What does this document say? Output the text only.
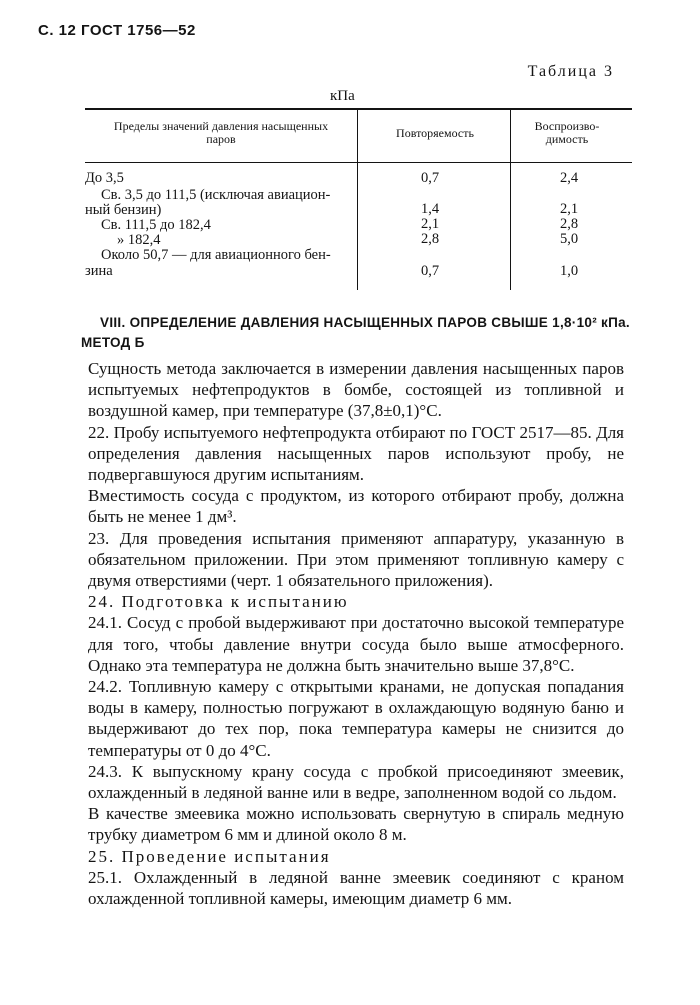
С. 12 ГОСТ 1756—52
Таблица 3
кПа
Пределы значений давления насыщенных паров	Повторяемость	Воспроизво-димость
До 3,5	0,7	2,4
Св. 3,5 до 111,5 (исключая авиацион-
ный бензин)	1,4	2,1
Св. 111,5 до 182,4	2,1	2,8
» 182,4	2,8	5,0
Около 50,7 — для авиационного бен-
зина	0,7	1,0
VIII. ОПРЕДЕЛЕНИЕ ДАВЛЕНИЯ НАСЫЩЕННЫХ ПАРОВ СВЫШЕ 1,8·10² кПа.
МЕТОД Б

Сущность метода заключается в измерении давления насыщенных паров испытуемых нефтепродуктов в бомбе, состоящей из топливной и воздушной камер, при температуре (37,8±0,1)°С.

22. Пробу испытуемого нефтепродукта отбирают по ГОСТ 2517—85. Для определения давления насыщенных паров используют пробу, не подвергавшуюся другим испытаниям.

Вместимость сосуда с продуктом, из которого отбирают пробу, должна быть не менее 1 дм³.

23. Для проведения испытания применяют аппаратуру, указанную в обязательном приложении. При этом применяют топливную камеру с двумя отверстиями (черт. 1 обязательного приложения).

24. Подготовка к испытанию

24.1. Сосуд с пробой выдерживают при достаточно высокой температуре для того, чтобы давление внутри сосуда было выше атмосферного. Однако эта температура не должна быть значительно выше 37,8°С.

24.2. Топливную камеру с открытыми кранами, не допуская попадания воды в камеру, полностью погружают в охлаждающую водяную баню и выдерживают до тех пор, пока температура камеры не снизится до температуры от 0 до 4°С.

24.3. К выпускному крану сосуда с пробкой присоединяют змеевик, охлажденный в ледяной ванне или в ведре, заполненном водой со льдом.

В качестве змеевика можно использовать свернутую в спираль медную трубку диаметром 6 мм и длиной около 8 м.

25. Проведение испытания

25.1. Охлажденный в ледяной ванне змеевик соединяют с краном охлажденной топливной камеры, имеющим диаметр 6 мм.
